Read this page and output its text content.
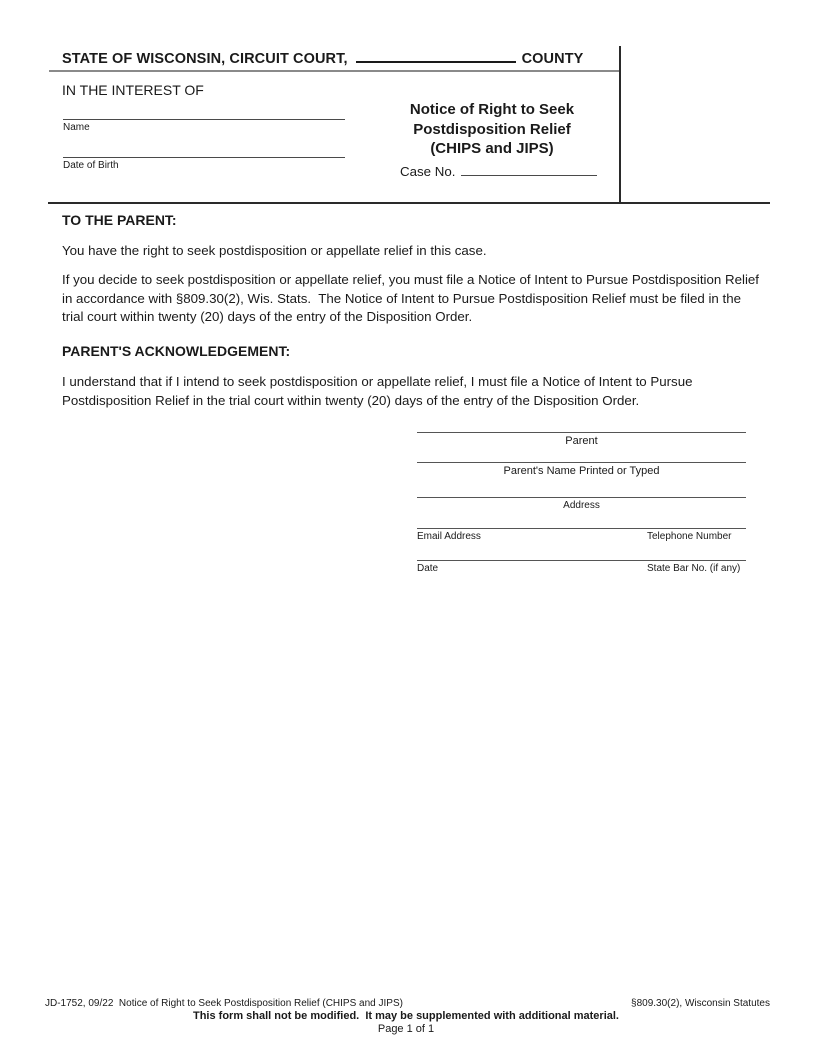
STATE OF WISCONSIN, CIRCUIT COURT,	COUNTY
IN THE INTEREST OF
Name
Date of Birth
Notice of Right to Seek
Postdisposition Relief
(CHIPS and JIPS)
Case No.
TO THE PARENT:
You have the right to seek postdisposition or appellate relief in this case.
If you decide to seek postdisposition or appellate relief, you must file a Notice of Intent to Pursue Postdisposition Relief in accordance with §809.30(2), Wis. Stats.  The Notice of Intent to Pursue Postdisposition Relief must be filed in the trial court within twenty (20) days of the entry of the Disposition Order.
PARENT'S ACKNOWLEDGEMENT:
I understand that if I intend to seek postdisposition or appellate relief, I must file a Notice of Intent to Pursue Postdisposition Relief in the trial court within twenty (20) days of the entry of the Disposition Order.
Parent
Parent's Name Printed or Typed
Address
Email Address	Telephone Number
Date	State Bar No. (if any)
JD-1752, 09/22  Notice of Right to Seek Postdisposition Relief (CHIPS and JIPS)	§809.30(2), Wisconsin Statutes
This form shall not be modified.  It may be supplemented with additional material.
Page 1 of 1
